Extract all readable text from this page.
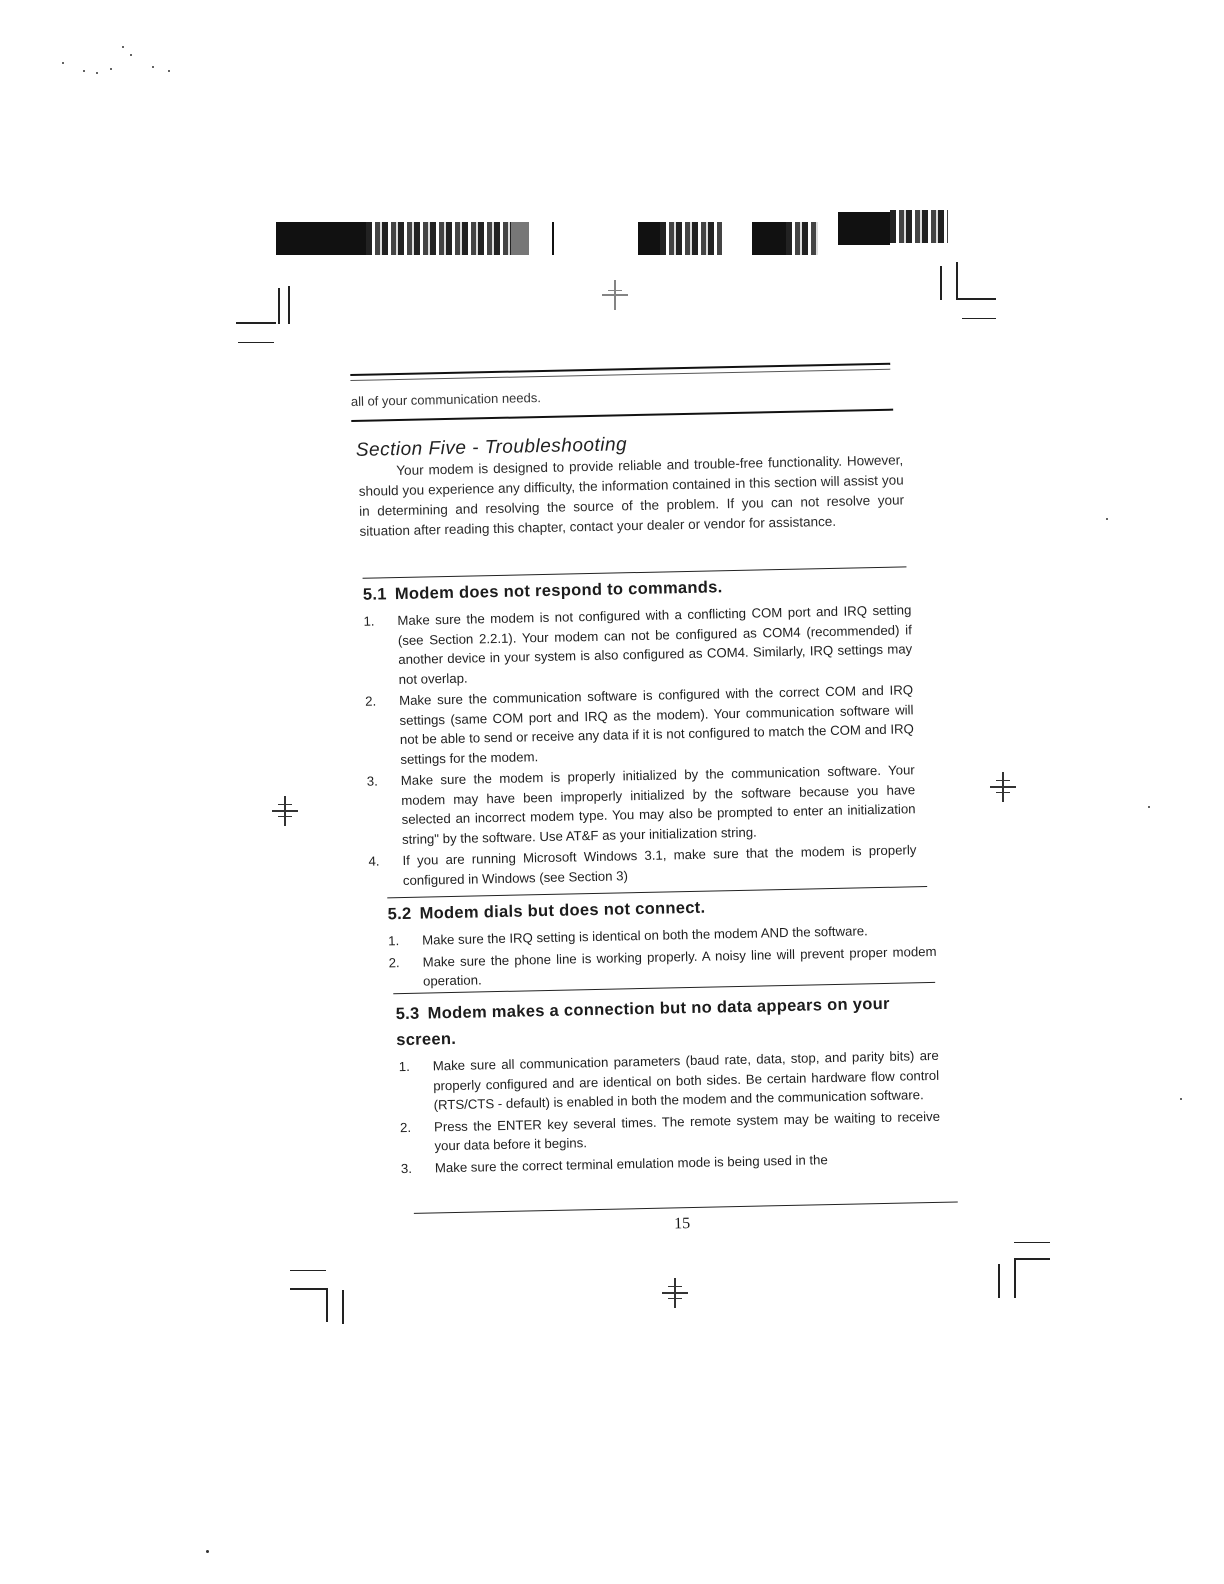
all of your communication needs.
Section Five - Troubleshooting
Your modem is designed to provide reliable and trouble-free functionality. However, should you experience any difficulty, the information contained in this section will assist you in determining and resolving the source of the problem. If you can not resolve your situation after reading this chapter, contact your dealer or vendor for assistance.
5.1 Modem does not respond to commands.
1. Make sure the modem is not configured with a conflicting COM port and IRQ setting (see Section 2.2.1). Your modem can not be configured as COM4 (recommended) if another device in your system is also configured as COM4. Similarly, IRQ settings may not overlap.
2. Make sure the communication software is configured with the correct COM and IRQ settings (same COM port and IRQ as the modem). Your communication software will not be able to send or receive any data if it is not configured to match the COM and IRQ settings for the modem.
3. Make sure the modem is properly initialized by the communication software. Your modem may have been improperly initialized by the software because you have selected an incorrect modem type. You may also be prompted to enter an initialization string" by the software. Use AT&F as your initialization string.
4. If you are running Microsoft Windows 3.1, make sure that the modem is properly configured in Windows (see Section 3)
5.2 Modem dials but does not connect.
1. Make sure the IRQ setting is identical on both the modem AND the software.
2. Make sure the phone line is working properly. A noisy line will prevent proper modem operation.
5.3 Modem makes a connection but no data appears on your screen.
1. Make sure all communication parameters (baud rate, data, stop, and parity bits) are properly configured and are identical on both sides. Be certain hardware flow control (RTS/CTS - default) is enabled in both the modem and the communication software.
2. Press the ENTER key several times. The remote system may be waiting to receive your data before it begins.
3. Make sure the correct terminal emulation mode is being used in the
15
